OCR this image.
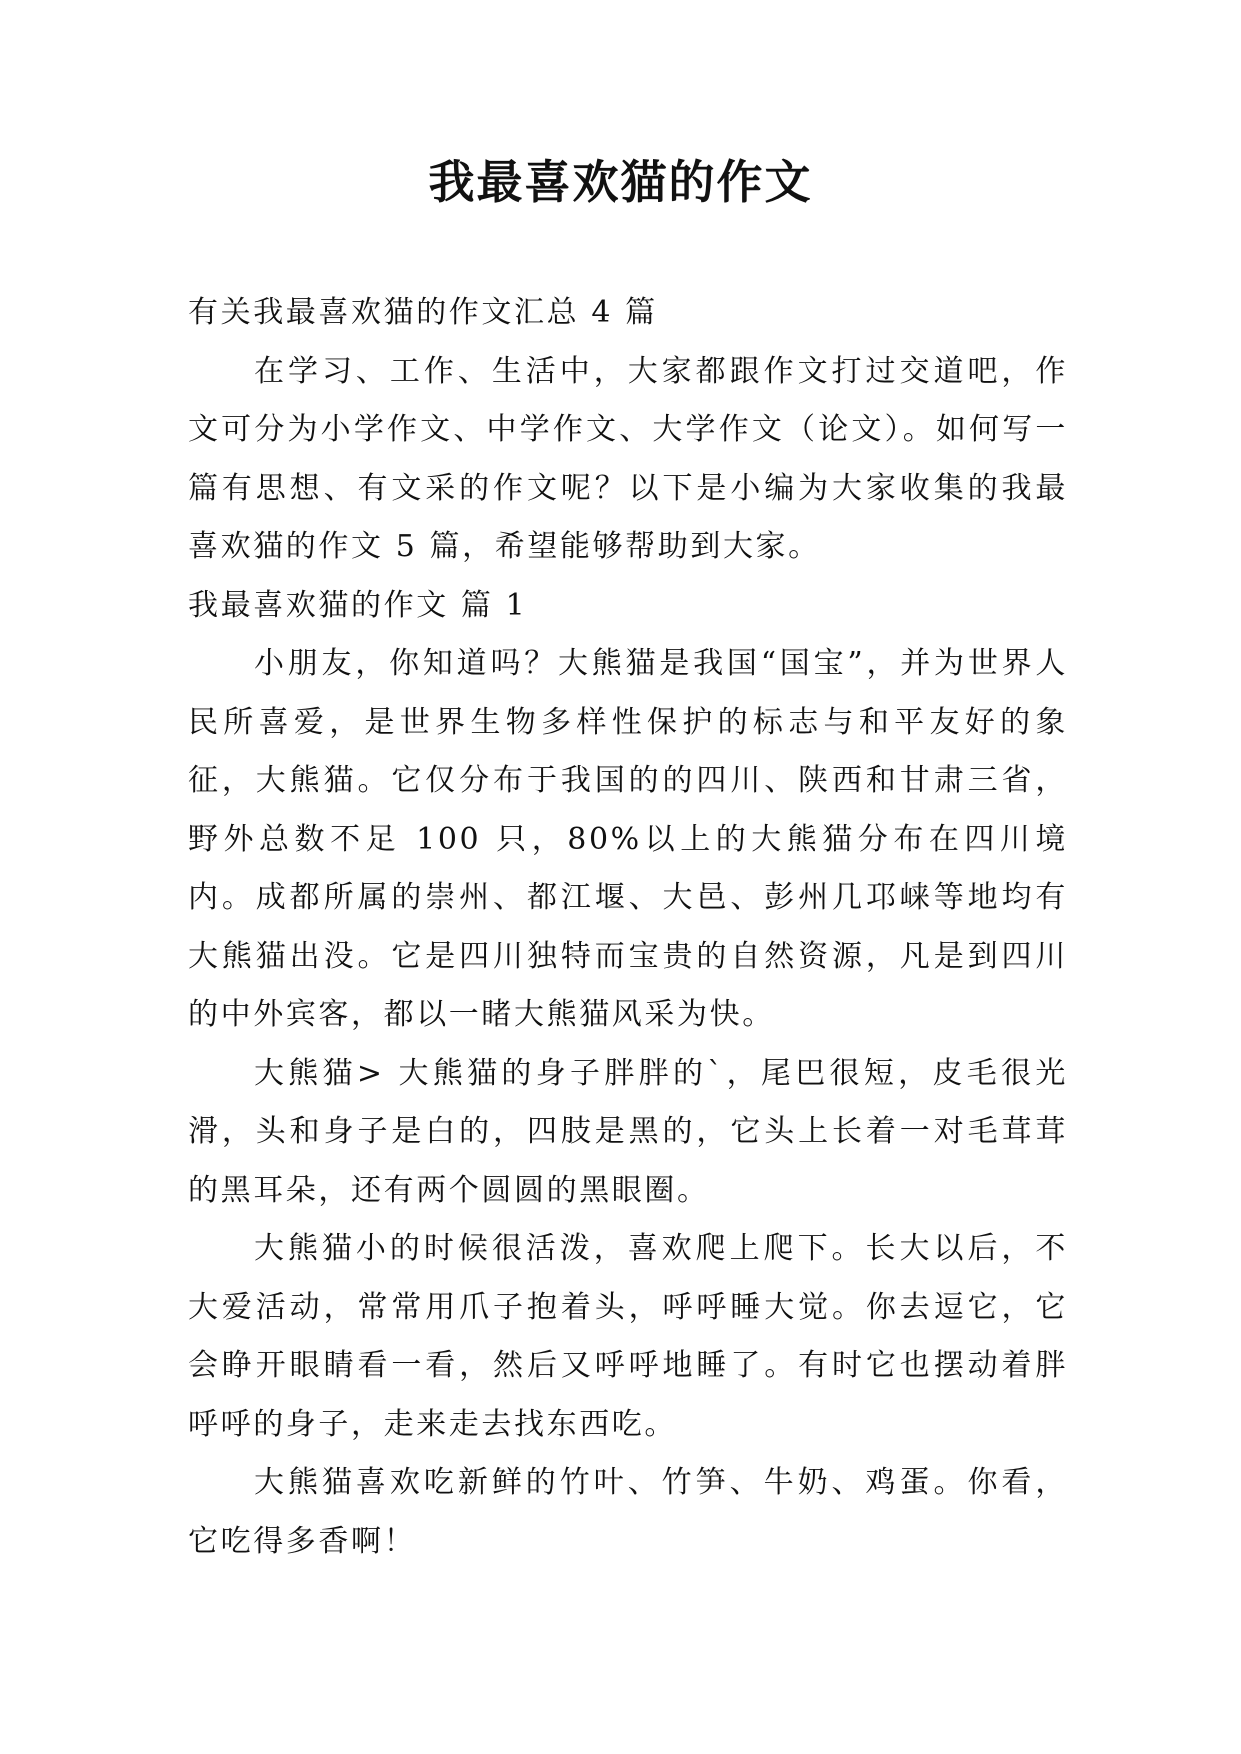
我最喜欢猫的作文

有关我最喜欢猫的作文汇总 4 篇

在学习、工作、生活中，大家都跟作文打过交道吧，作文可分为小学作文、中学作文、大学作文（论文）。如何写一篇有思想、有文采的作文呢？以下是小编为大家收集的我最喜欢猫的作文 5 篇，希望能够帮助到大家。

我最喜欢猫的作文 篇 1

小朋友，你知道吗？大熊猫是我国“国宝”，并为世界人民所喜爱，是世界生物多样性保护的标志与和平友好的象征，大熊猫。它仅分布于我国的的四川、陕西和甘肃三省，野外总数不足 100 只，80%以上的大熊猫分布在四川境内。成都所属的崇州、都江堰、大邑、彭州几邛崃等地均有大熊猫出没。它是四川独特而宝贵的自然资源，凡是到四川的中外宾客，都以一睹大熊猫风采为快。

大熊猫> 大熊猫的身子胖胖的`，尾巴很短，皮毛很光滑，头和身子是白的，四肢是黑的，它头上长着一对毛茸茸的黑耳朵，还有两个圆圆的黑眼圈。

大熊猫小的时候很活泼，喜欢爬上爬下。长大以后，不大爱活动，常常用爪子抱着头，呼呼睡大觉。你去逗它，它会睁开眼睛看一看，然后又呼呼地睡了。有时它也摆动着胖呼呼的身子，走来走去找东西吃。

大熊猫喜欢吃新鲜的竹叶、竹笋、牛奶、鸡蛋。你看，它吃得多香啊！
